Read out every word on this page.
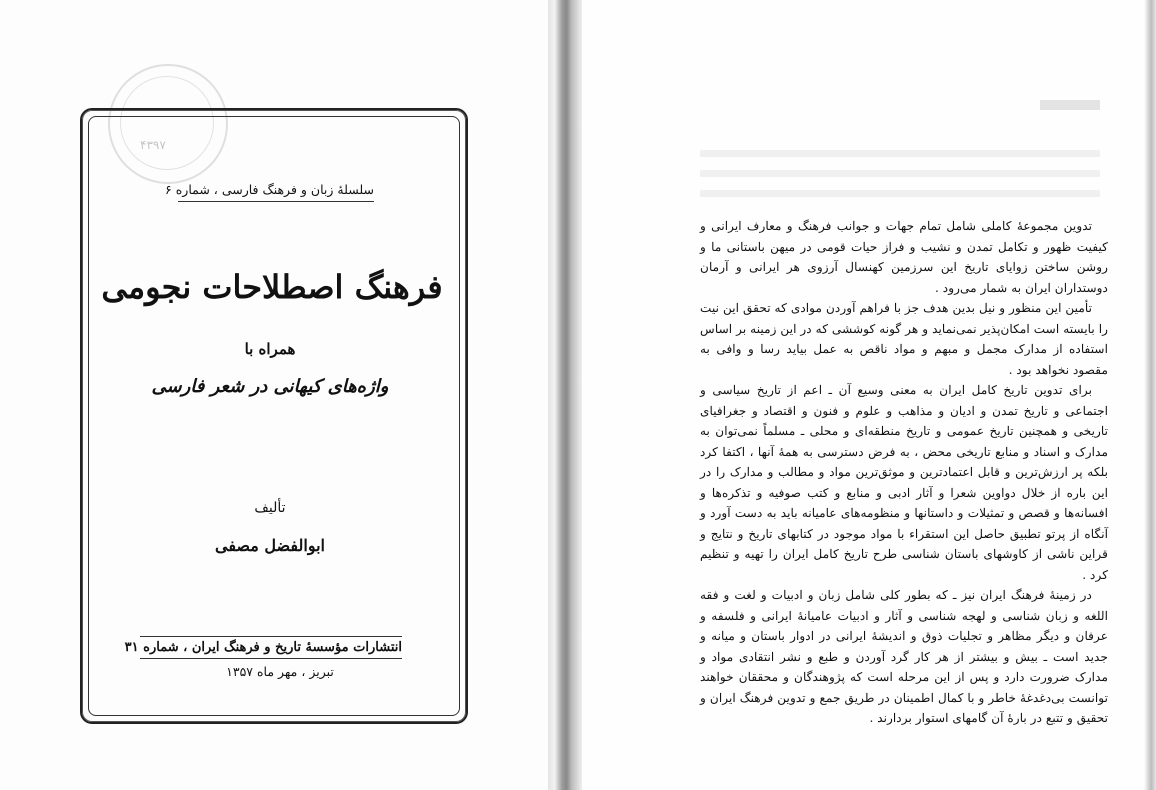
۴۳۹۷
سلسلهٔ زبان و فرهنگ فارسی ، شماره ۶
فرهنگ اصطلاحات نجومی
همراه با
واژه‌های کیهانی در شعر فارسی
تألیف
ابوالفضل مصفی
انتشارات مؤسسهٔ تاریخ و فرهنگ ایران ، شماره ۳۱
تبریز ، مهر ماه ۱۳۵۷

تدوین مجموعهٔ کاملی شامل تمام جهات و جوانب فرهنگ و معارف ایرانی و کیفیت ظهور و تکامل تمدن و نشیب و فراز حیات قومی در میهن باستانی ما و روشن ساختن زوایای تاریخ این سرزمین کهنسال آرزوی هر ایرانی و آرمان دوستداران ایران به شمار می‌رود .

تأمین این منظور و نیل بدین هدف جز با فراهم آوردن موادی که تحقق این نیت را بایسته است امکان‌پذیر نمی‌نماید و هر گونه کوششی که در این زمینه بر اساس استفاده از مدارک مجمل و مبهم و مواد ناقص به عمل بیاید رسا و وافی به مقصود نخواهد بود .

برای تدوین تاریخ کامل ایران به معنی وسیع آن ـ اعم از تاریخ سیاسی و اجتماعی و تاریخ تمدن و ادیان و مذاهب و علوم و فنون و اقتصاد و جغرافیای تاریخی و همچنین تاریخ عمومی و تاریخ منطقه‌ای و محلی ـ مسلماً نمی‌توان به مدارک و اسناد و منابع تاریخی محض ، به فرض دسترسی به همهٔ آنها ، اکتفا کرد بلکه پر ارزش‌ترین و قابل اعتمادترین و موثق‌ترین مواد و مطالب و مدارک را در این باره از خلال دواوین شعرا و آثار ادبی و منابع و کتب صوفیه و تذکره‌ها و افسانه‌ها و قصص و تمثیلات و داستانها و منظومه‌های عامیانه باید به دست آورد و آنگاه از پرتو تطبیق حاصل این استقراء با مواد موجود در کتابهای تاریخ و نتایج و قراین ناشی از کاوشهای باستان شناسی طرح تاریخ کامل ایران را تهیه و تنظیم کرد .

در زمینهٔ فرهنگ ایران نیز ـ که بطور کلی شامل زبان و ادبیات و لغت و فقه اللغه و زبان شناسی و لهجه شناسی و آثار و ادبیات عامیانهٔ ایرانی و فلسفه و عرفان و دیگر مظاهر و تجلیات ذوق و اندیشهٔ ایرانی در ادوار باستان و میانه و جدید است ـ بیش و بیشتر از هر کار گرد آوردن و طبع و نشر انتقادی مواد و مدارک ضرورت دارد و پس از این مرحله است که پژوهندگان و محققان خواهند توانست بی‌دغدغهٔ خاطر و با کمال اطمینان در طریق جمع و تدوین فرهنگ ایران و تحقیق و تتبع در بارهٔ آن گامهای استوار بردارند .
